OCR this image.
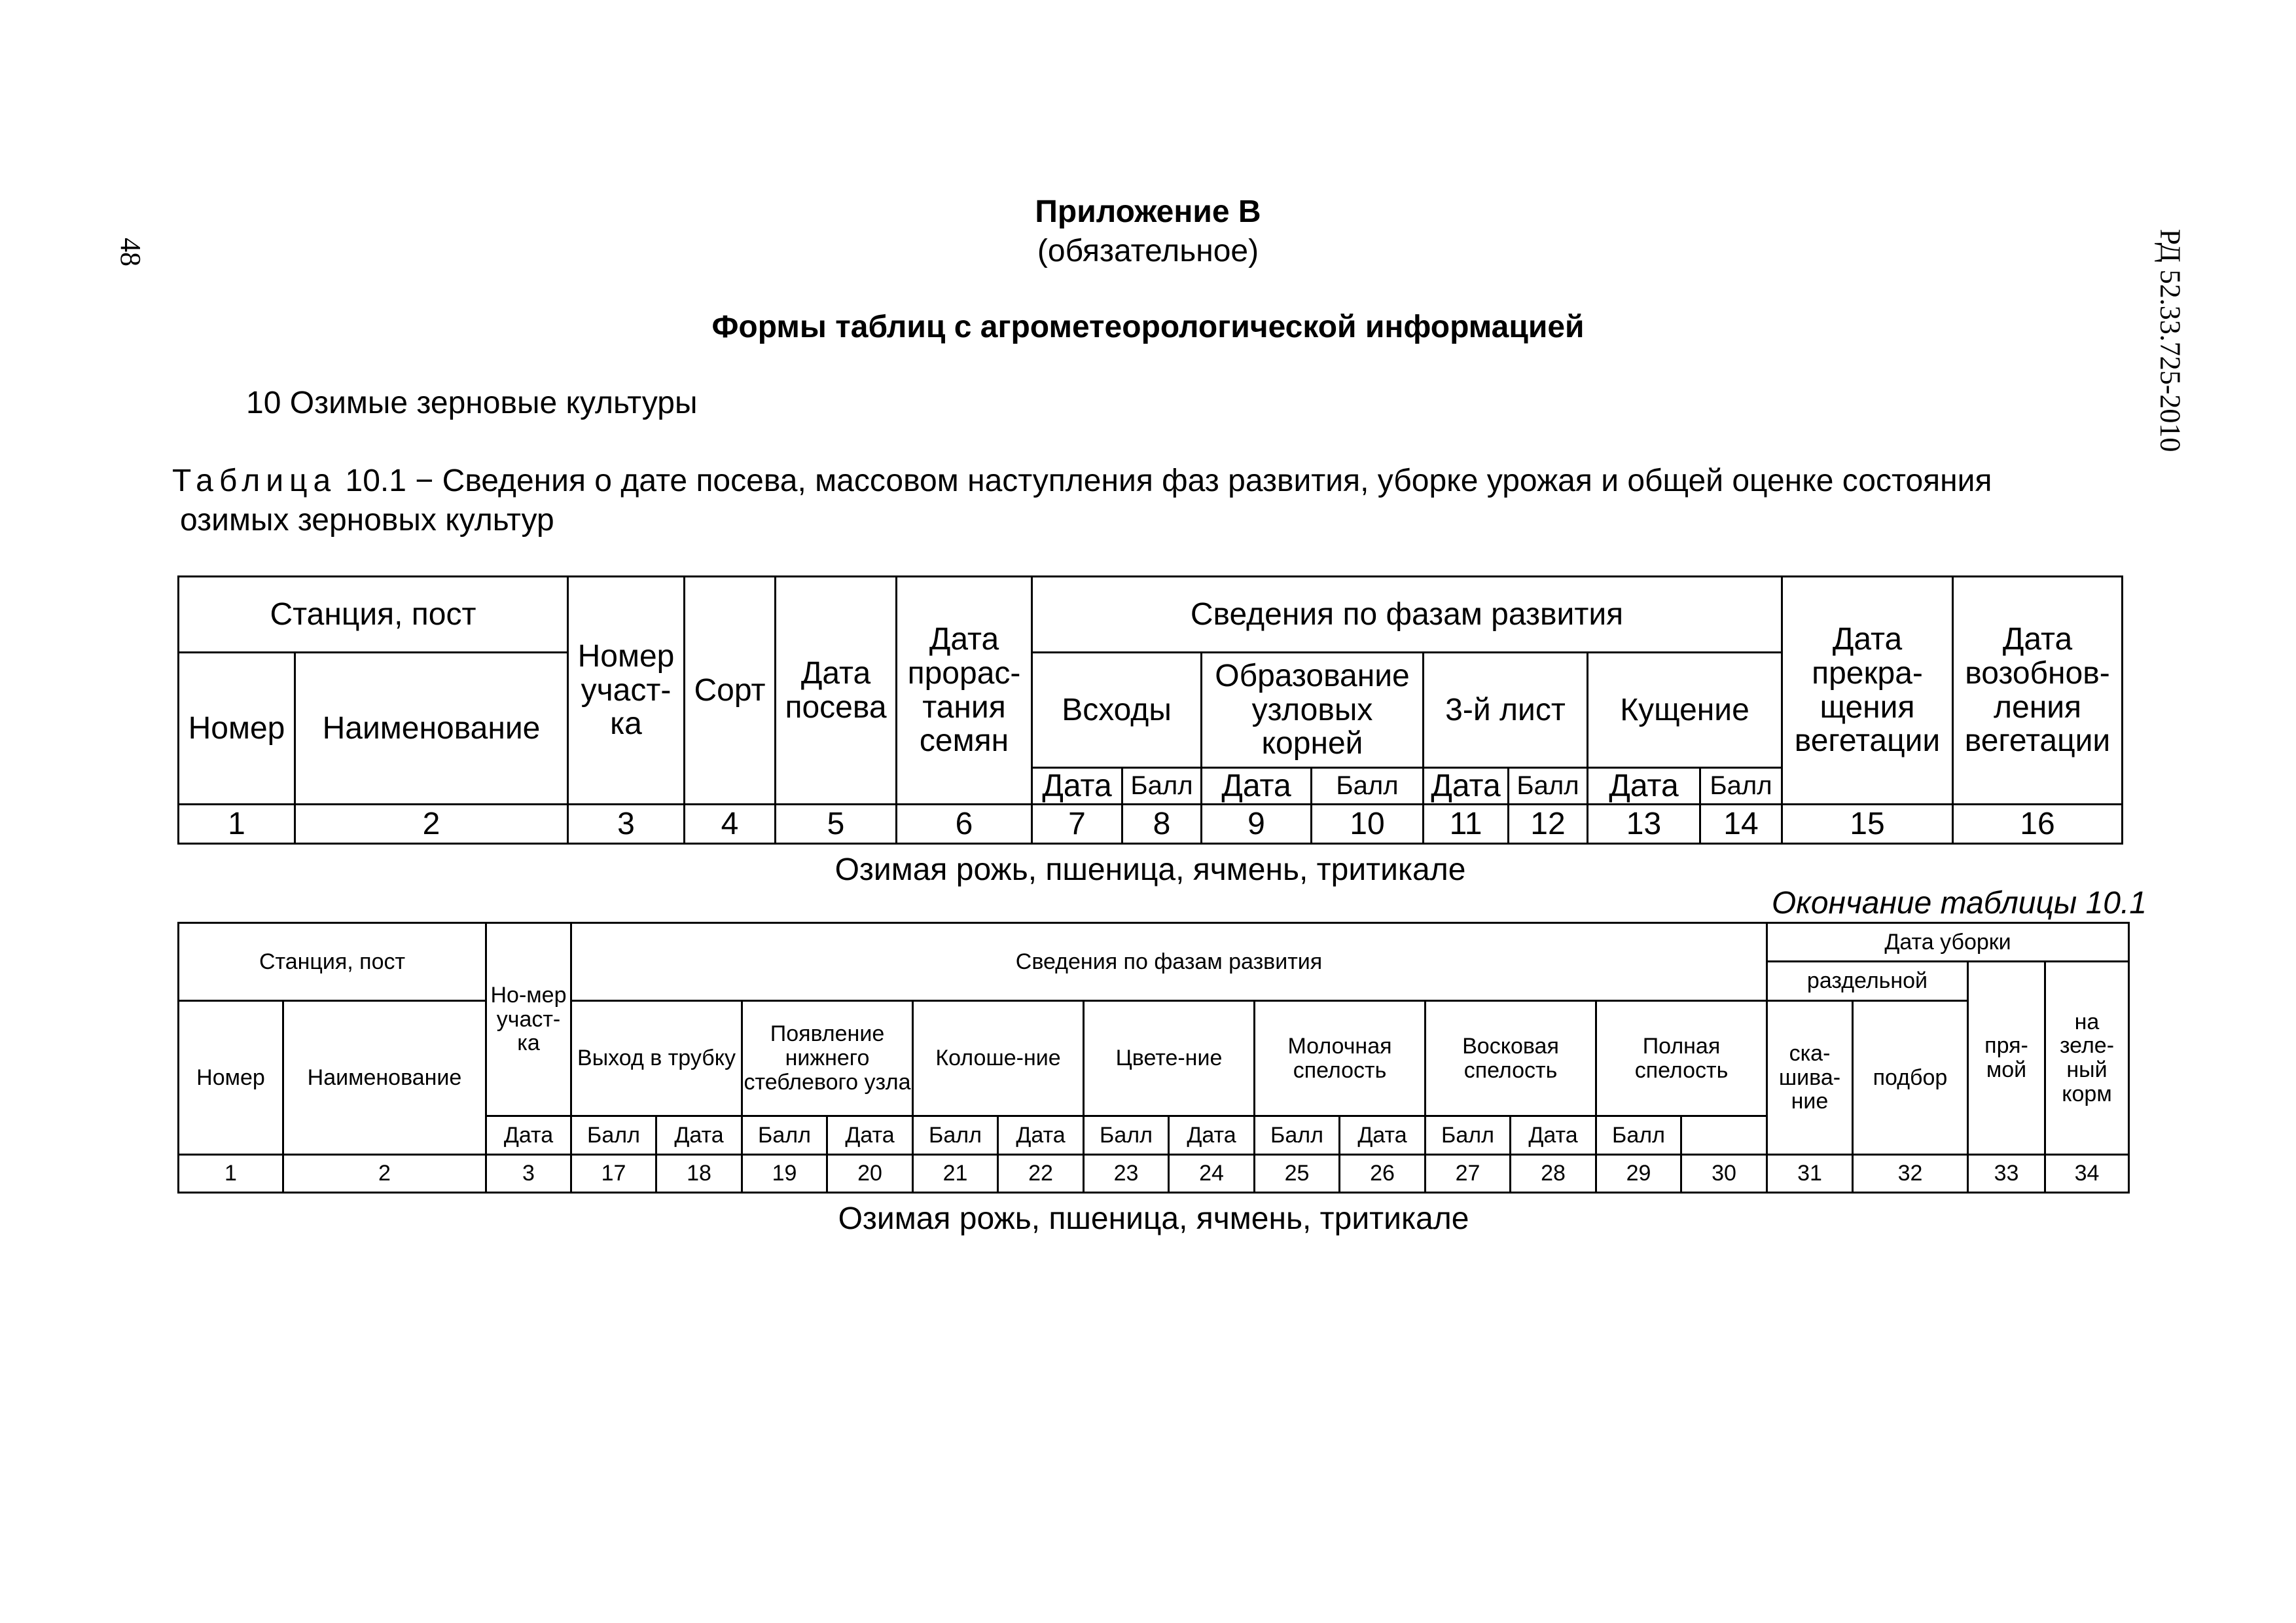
48	РД 52.33.725-2010
Приложение В
(обязательное)
Формы таблиц с агрометеорологической информацией
10 Озимые зерновые культуры
Таблица 10.1 − Сведения о дате посева, массовом наступления фаз развития, уборке урожая и общей оценке состояния
озимых зерновых культур
Станция, пост		Номер участ-ка	Сорт	Дата посева	Дата прорас-тания семян	Сведения по фазам развития								Дата прекра-щения вегетации	Дата возобнов-ления вегетации
Номер	Наименование					Всходы		Образование узловых корней		3-й лист		Кущение			
						Дата	Балл	Дата	Балл	Дата	Балл	Дата	Балл		
1	2	3	4	5	6	7	8	9	10	11	12	13	14	15	16
Озимая рожь, пшеница, ячмень, тритикале															
Окончание таблицы 10.1
Станция, пост		Но-мер участ-ка	Сведения по фазам развития														Дата уборки			
																	раздельной		пря-мой	на зеле-ный корм
Номер	Наименование		Выход в трубку		Появление нижнего стеблевого узла		Колоше-ние		Цвете-ние		Молочная спелость		Восковая спелость		Полная спелость		ска-шива-ние	подбор		
		Дата	Балл	Дата	Балл	Дата	Балл	Дата	Балл	Дата	Балл	Дата	Балл	Дата	Балл					
1	2	3	17	18	19	20	21	22	23	24	25	26	27	28	29	30	31	32	33	34
Озимая рожь, пшеница, ячмень, тритикале																				
